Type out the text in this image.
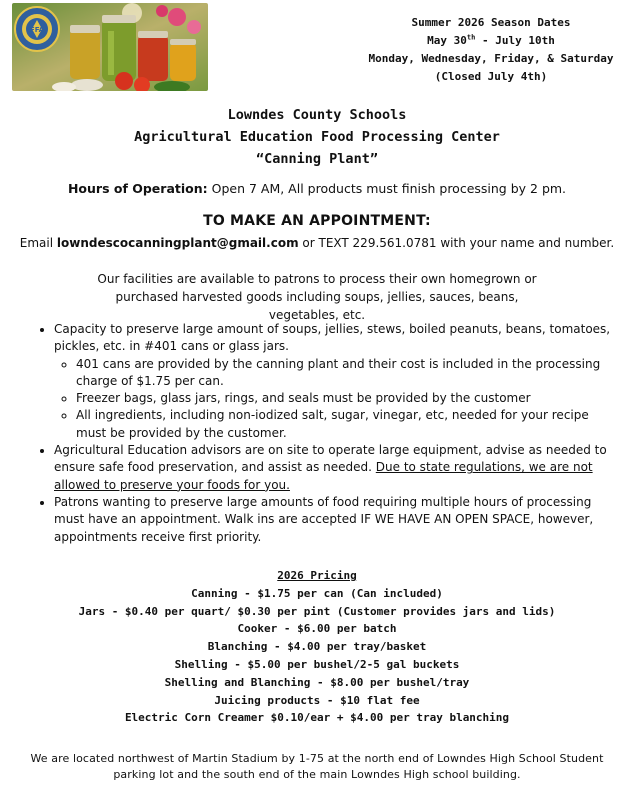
FFA
Summer 2026 Season Dates
May 30th - July 10th
Monday, Wednesday, Friday, & Saturday
(Closed July 4th)
Lowndes County Schools
Agricultural Education Food Processing Center
“Canning Plant”
Hours of Operation: Open 7 AM, All products must finish processing by 2 pm.
TO MAKE AN APPOINTMENT:
Email lowndescocanningplant@gmail.com or TEXT 229.561.0781 with your name and number.
Our facilities are available to patrons to process their own homegrown or purchased harvested goods including soups, jellies, sauces, beans, vegetables, etc.
• Capacity to preserve large amount of soups, jellies, stews, boiled peanuts, beans, tomatoes, pickles, etc. in #401 cans or glass jars.
◦ 401 cans are provided by the canning plant and their cost is included in the processing charge of $1.75 per can.
◦ Freezer bags, glass jars, rings, and seals must be provided by the customer
◦ All ingredients, including non-iodized salt, sugar, vinegar, etc, needed for your recipe must be provided by the customer.
• Agricultural Education advisors are on site to operate large equipment, advise as needed to ensure safe food preservation, and assist as needed. Due to state regulations, we are not allowed to preserve your foods for you.
• Patrons wanting to preserve large amounts of food requiring multiple hours of processing must have an appointment. Walk ins are accepted IF WE HAVE AN OPEN SPACE, however, appointments receive first priority.
2026 Pricing
Canning - $1.75 per can (Can included)
Jars - $0.40 per quart/ $0.30 per pint (Customer provides jars and lids)
Cooker - $6.00 per batch
Blanching - $4.00 per tray/basket
Shelling - $5.00 per bushel/2-5 gal buckets
Shelling and Blanching - $8.00 per bushel/tray
Juicing products - $10 flat fee
Electric Corn Creamer $0.10/ear + $4.00 per tray blanching
We are located northwest of Martin Stadium by 1-75 at the north end of Lowndes High School Student parking lot and the south end of the main Lowndes High school building.
